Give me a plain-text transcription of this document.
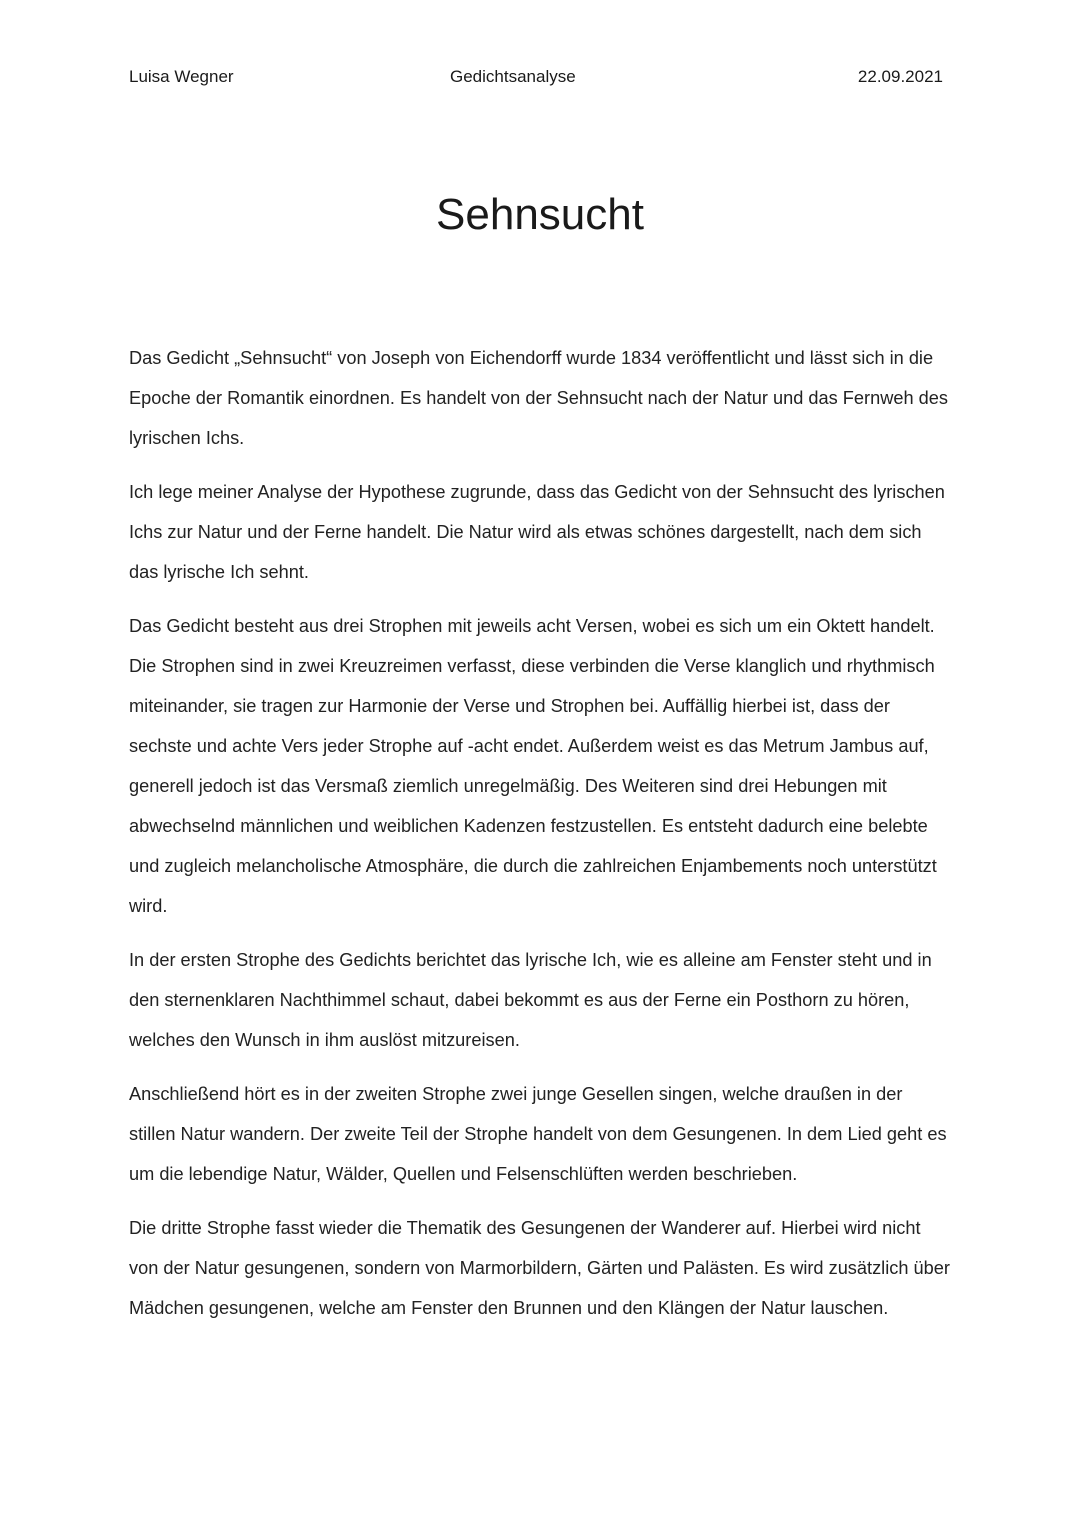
Luisa Wegner	Gedichtsanalyse	22.09.2021
Sehnsucht

Das Gedicht „Sehnsucht“ von Joseph von Eichendorff wurde 1834 veröffentlicht und lässt sich in die Epoche der Romantik einordnen. Es handelt von der Sehnsucht nach der Natur und das Fernweh des lyrischen Ichs.

Ich lege meiner Analyse der Hypothese zugrunde, dass das Gedicht von der Sehnsucht des lyrischen Ichs zur Natur und der Ferne handelt. Die Natur wird als etwas schönes dargestellt, nach dem sich das lyrische Ich sehnt.

Das Gedicht besteht aus drei Strophen mit jeweils acht Versen, wobei es sich um ein Oktett handelt. Die Strophen sind in zwei Kreuzreimen verfasst, diese verbinden die Verse klanglich und rhythmisch miteinander, sie tragen zur Harmonie der Verse und Strophen bei. Auffällig hierbei ist, dass der sechste und achte Vers jeder Strophe auf -acht endet. Außerdem weist es das Metrum Jambus auf, generell jedoch ist das Versmaß ziemlich unregelmäßig. Des Weiteren sind drei Hebungen mit abwechselnd männlichen und weiblichen Kadenzen festzustellen. Es entsteht dadurch eine belebte und zugleich melancholische Atmosphäre, die durch die zahlreichen Enjambements noch unterstützt wird.

In der ersten Strophe des Gedichts berichtet das lyrische Ich, wie es alleine am Fenster steht und in den sternenklaren Nachthimmel schaut, dabei bekommt es aus der Ferne ein Posthorn zu hören, welches den Wunsch in ihm auslöst mitzureisen.

Anschließend hört es in der zweiten Strophe zwei junge Gesellen singen, welche draußen in der stillen Natur wandern. Der zweite Teil der Strophe handelt von dem Gesungenen. In dem Lied geht es um die lebendige Natur, Wälder, Quellen und Felsenschlüften werden beschrieben.

Die dritte Strophe fasst wieder die Thematik des Gesungenen der Wanderer auf. Hierbei wird nicht von der Natur gesungenen, sondern von Marmorbildern, Gärten und Palästen. Es wird zusätzlich über Mädchen gesungenen, welche am Fenster den Brunnen und den Klängen der Natur lauschen.
